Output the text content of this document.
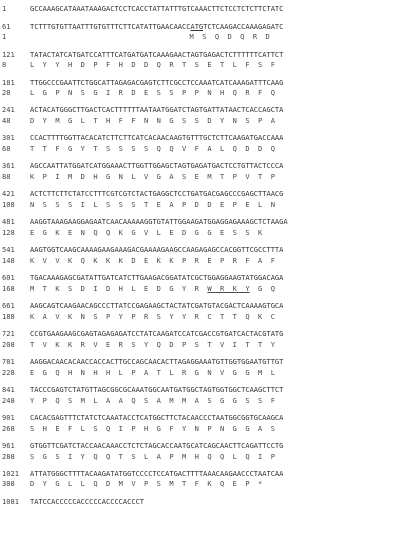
1	GCCAAAGCATAAATAAAGACTCCTCACCTATTATTTGTCAAACTTCTCCTCTCTTCTATC
61	TCTTTGTGTTAATTTGTGTTTCTTCATATTGAACAACCATGTCTCAAGACCAAAGAGATC
1	M  S  Q  D  Q  R  D
121	TATACTATCATGATCCATTTCATGATGATCAAAGAACTAGTGAGACTCTTTTTTCATTCT
8	L  Y  Y  H  D  P  F  H  D  D  Q  R  T  S  E  T  L  F  S  F
181	TTGGCCCGAATTCTGGCATTAGAGACGAGTCTTCGCCTCCAAATCATCAAAGATTTCAAG
28	L  G  P  N  S  G  I  R  D  E  S  S  P  P  N  H  Q  R  F  Q
241	ACTACATGGGCTTGACTCACTTTTTTAATAATGGATCTAGTGATTATAACTCACCAGCTA
48	D  Y  M  G  L  T  H  F  F  N  N  G  S  S  D  Y  N  S  P  A
301	CCACTTTTGGTTACACATCTTCTTCATCACAACAAGTGTTTGCTCTTCAAGATGACCAAA
68	T  T  F  G  Y  T  S  S  S  S  Q  Q  V  F  A  L  Q  D  D  Q
361	AGCCAATTATGGATCATGGAAACTTGGTTGGAGCTAGTGAGATGACTCCTGTTACTCCCA
88	K  P  I  M  D  H  G  N  L  V  G  A  S  E  M  T  P  V  T  P
421	ACTCTTCTTCTATCCTTTCGTCGTCTACTGAGGCTCCTGATGACGAGCCCGAGCTTAACG
108	N  S  S  S  I  L  S  S  S  T  E  A  P  D  D  E  P  E  L  N
481	AAGGTAAAGAAGGAGAATCAACAAAAAGGTGTATTGGAAGATGGAGGAGAAAGCTCTAAGA
128	E  G  K  E  N  Q  Q  K  G  V  L  E  D  G  G  E  S  S  K
541	AAGTGGTCAAGCAAAAGAAGAAAGACGAAAAGAAGCCAAGAGAGCCACGGTTCGCCTTTA
148	K  V  V  K  Q  K  K  K  D  E  K  K  P  R  E  P  R  F  A  F
601	TGACAAAGAGCGATATTGATCATCTTGAAGACGGATATCGCTGGAGGAAGTATGGACAGA
168	M  T  K  S  D  I  D  H  L  E  D  G  Y  R  W  R  K  Y  G  Q
661	AAGCAGTCAAGAACAGCCCTTATCCGAGAAGCTACTATCGATGTACGACTCAAAAGTGCA
188	K  A  V  K  N  S  P  Y  P  R  S  Y  Y  R  C  T  T  Q  K  C
721	CCGTGAAGAAGCGAGTAGAGAGATCCTATCAAGATCCATCGACCGTGATCACTACGTATG
208	T  V  K  K  R  V  E  R  S  Y  Q  D  P  S  T  V  I  T  T  Y
781	AAGGACAACACAACCACCACTTGCCAGCAACACTTAGAGGAAATGTTGGTGGAATGTTGT
228	E  G  Q  H  N  H  H  L  P  A  T  L  R  G  N  V  G  G  M  L
841	TACCCGAGTCTATGTTAGCGGCGCAAATGGCAATGATGGCTAGTGGTGGCTCAAGCTTCT
248	Y  P  Q  S  M  L  A  A  Q  S  A  M  M  A  S  G  G  S  S  F
901	CACACGAGTTTCTATCTCAAATACCTCATGGCTTCTACAACCCTAATGGCGGTGCAAGCA
268	S  H  E  F  L  S  Q  I  P  H  G  F  Y  N  P  N  G  G  A  S
961	GTGGTTCGATCTACCAACAAACCTCTCTAGCACCAATGCATCAGCAACTTCAGATTCCTG
288	S  G  S  I  Y  Q  Q  T  S  L  A  P  M  H  Q  Q  L  Q  I  P
1021	ATTATGGGCTTTTACAAGATATGGTCCCCTCCATGACTTTTAAACAAGAACCCTAATCAA
308	D  Y  G  L  L  Q  D  M  V  P  S  M  T  F  K  Q  E  P  *
1081	TATCCACCCCCACCCCCACCCCACCCT
